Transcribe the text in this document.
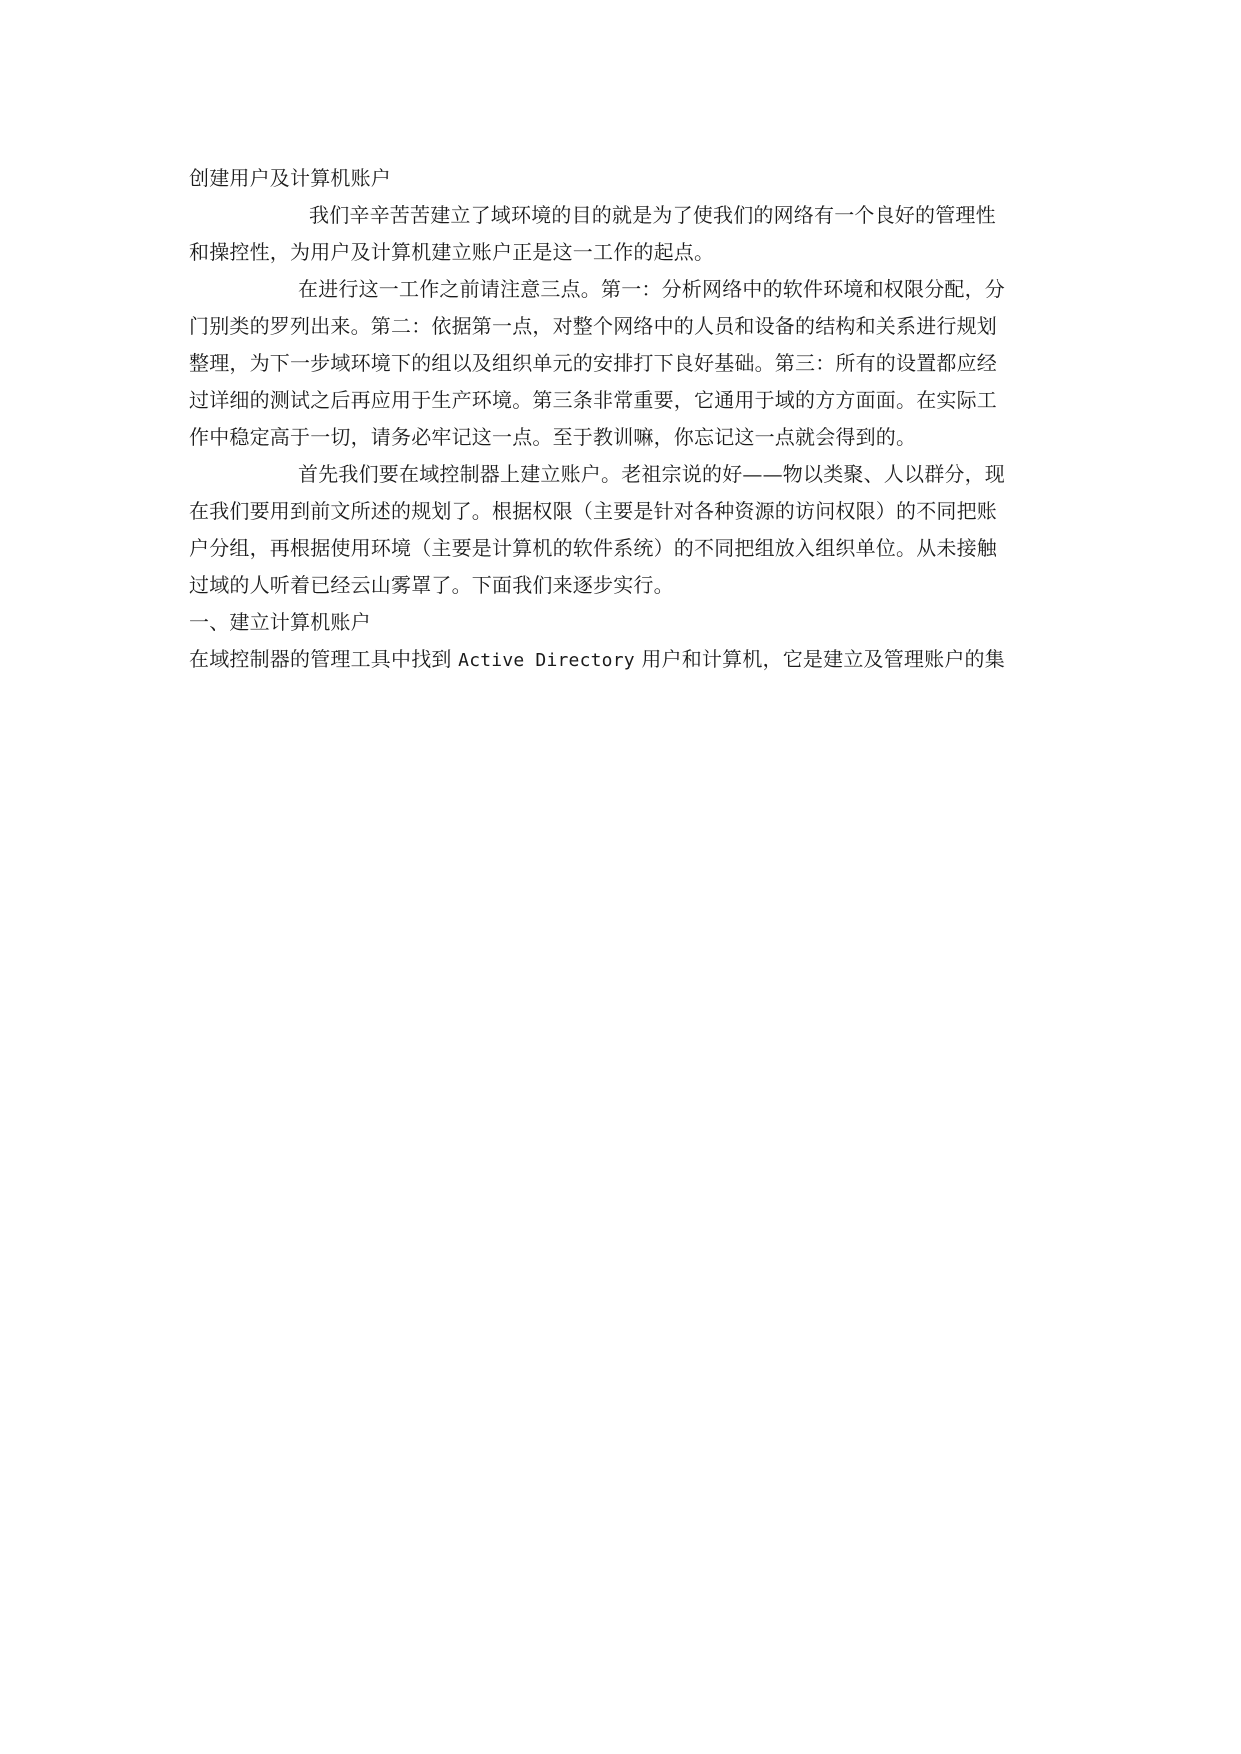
创建用户及计算机账户
我们辛辛苦苦建立了域环境的目的就是为了使我们的网络有一个良好的管理性
和操控性，为用户及计算机建立账户正是这一工作的起点。
在进行这一工作之前请注意三点。第一：分析网络中的软件环境和权限分配，分
门别类的罗列出来。第二：依据第一点，对整个网络中的人员和设备的结构和关系进行规划
整理，为下一步域环境下的组以及组织单元的安排打下良好基础。第三：所有的设置都应经
过详细的测试之后再应用于生产环境。第三条非常重要，它通用于域的方方面面。在实际工
作中稳定高于一切，请务必牢记这一点。至于教训嘛，你忘记这一点就会得到的。
首先我们要在域控制器上建立账户。老祖宗说的好——物以类聚、人以群分，现
在我们要用到前文所述的规划了。根据权限（主要是针对各种资源的访问权限）的不同把账
户分组，再根据使用环境（主要是计算机的软件系统）的不同把组放入组织单位。从未接触
过域的人听着已经云山雾罩了。下面我们来逐步实行。
一、建立计算机账户
在域控制器的管理工具中找到 Active Directory 用户和计算机，它是建立及管理账户的集
